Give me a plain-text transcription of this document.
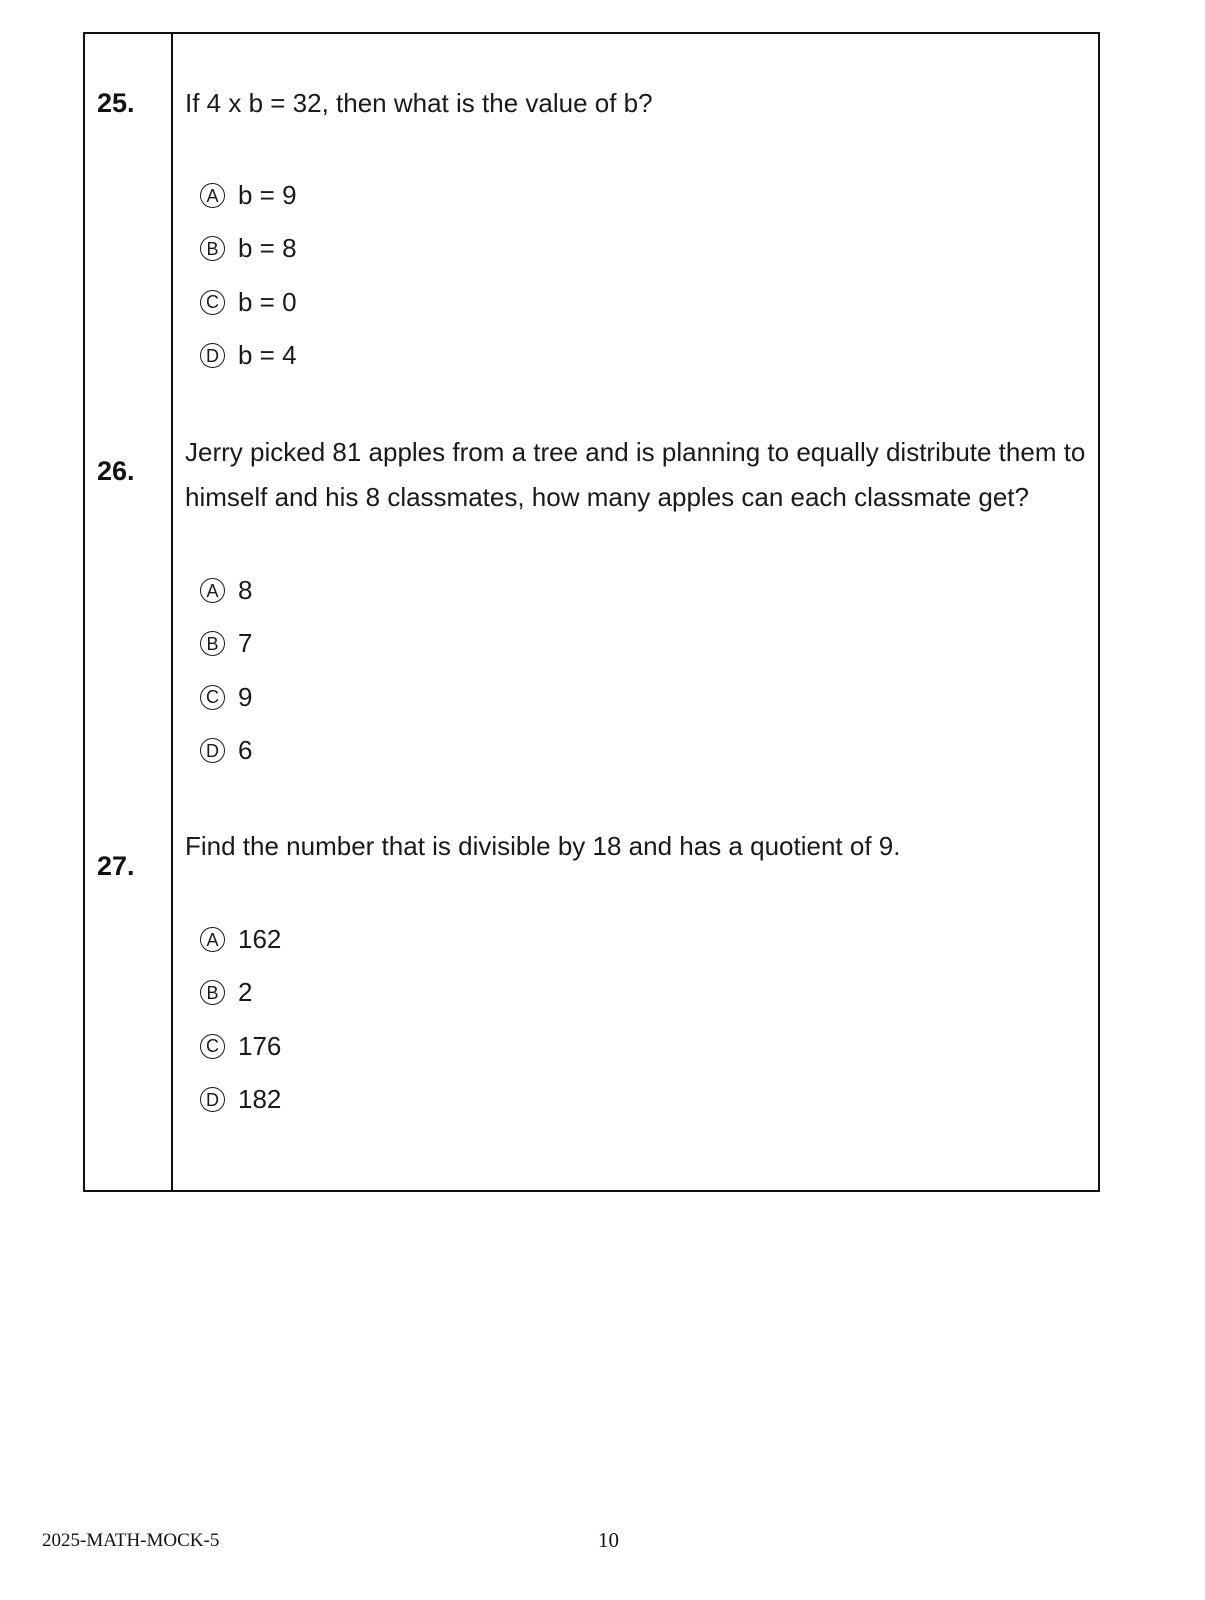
25. If 4 x b = 32, then what is the value of b?
A b = 9
B b = 8
C b = 0
D b = 4
26.
Jerry picked 81 apples from a tree and is planning to equally distribute them to himself and his 8 classmates, how many apples can each classmate get?
A 8
B 7
C 9
D 6
27.
Find the number that is divisible by 18 and has a quotient of 9.
A 162
B 2
C 176
D 182
2025-MATH-MOCK-5	10
